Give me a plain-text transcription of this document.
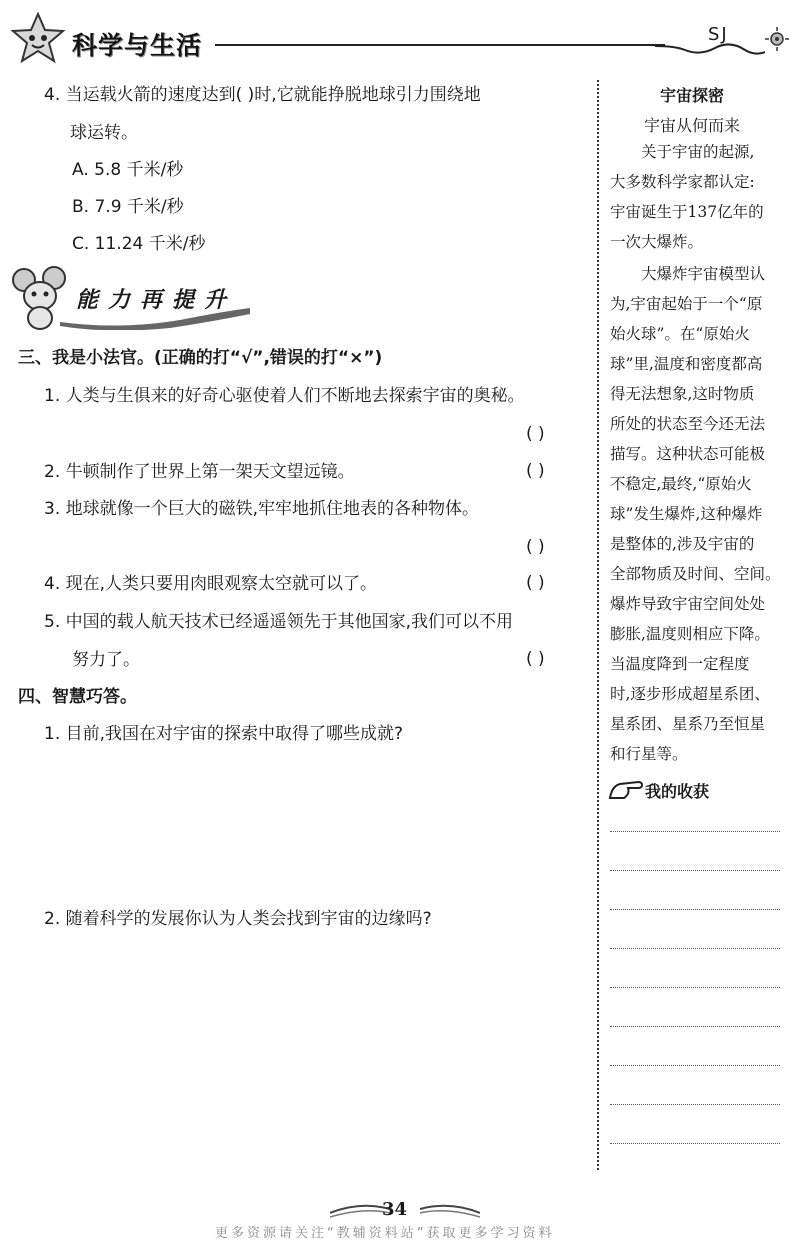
科学与生活	SJ
4. 当运载火箭的速度达到( )时,它就能挣脱地球引力围绕地
球运转。
A. 5.8 千米/秒
B. 7.9 千米/秒
C. 11.24 千米/秒
能力再提升
三、我是小法官。(正确的打“√”,错误的打“×”)
1. 人类与生俱来的好奇心驱使着人们不断地去探索宇宙的奥秘。
( )
2. 牛顿制作了世界上第一架天文望远镜。	( )
3. 地球就像一个巨大的磁铁,牢牢地抓住地表的各种物体。
( )
4. 现在,人类只要用肉眼观察太空就可以了。	( )
5. 中国的载人航天技术已经遥遥领先于其他国家,我们可以不用
努力了。	( )
四、智慧巧答。
1. 目前,我国在对宇宙的探索中取得了哪些成就?
2. 随着科学的发展你认为人类会找到宇宙的边缘吗?
宇宙探密
宇宙从何而来
关于宇宙的起源,
大多数科学家都认定:
宇宙诞生于137亿年的
一次大爆炸。
大爆炸宇宙模型认
为,宇宙起始于一个“原
始火球”。在“原始火
球”里,温度和密度都高
得无法想象,这时物质
所处的状态至今还无法
描写。这种状态可能极
不稳定,最终,“原始火
球”发生爆炸,这种爆炸
是整体的,涉及宇宙的
全部物质及时间、空间。
爆炸导致宇宙空间处处
膨胀,温度则相应下降。
当温度降到一定程度
时,逐步形成超星系团、
星系团、星系乃至恒星
和行星等。
我的收获
34
更多资源请关注“教辅资料站”获取更多学习资料
